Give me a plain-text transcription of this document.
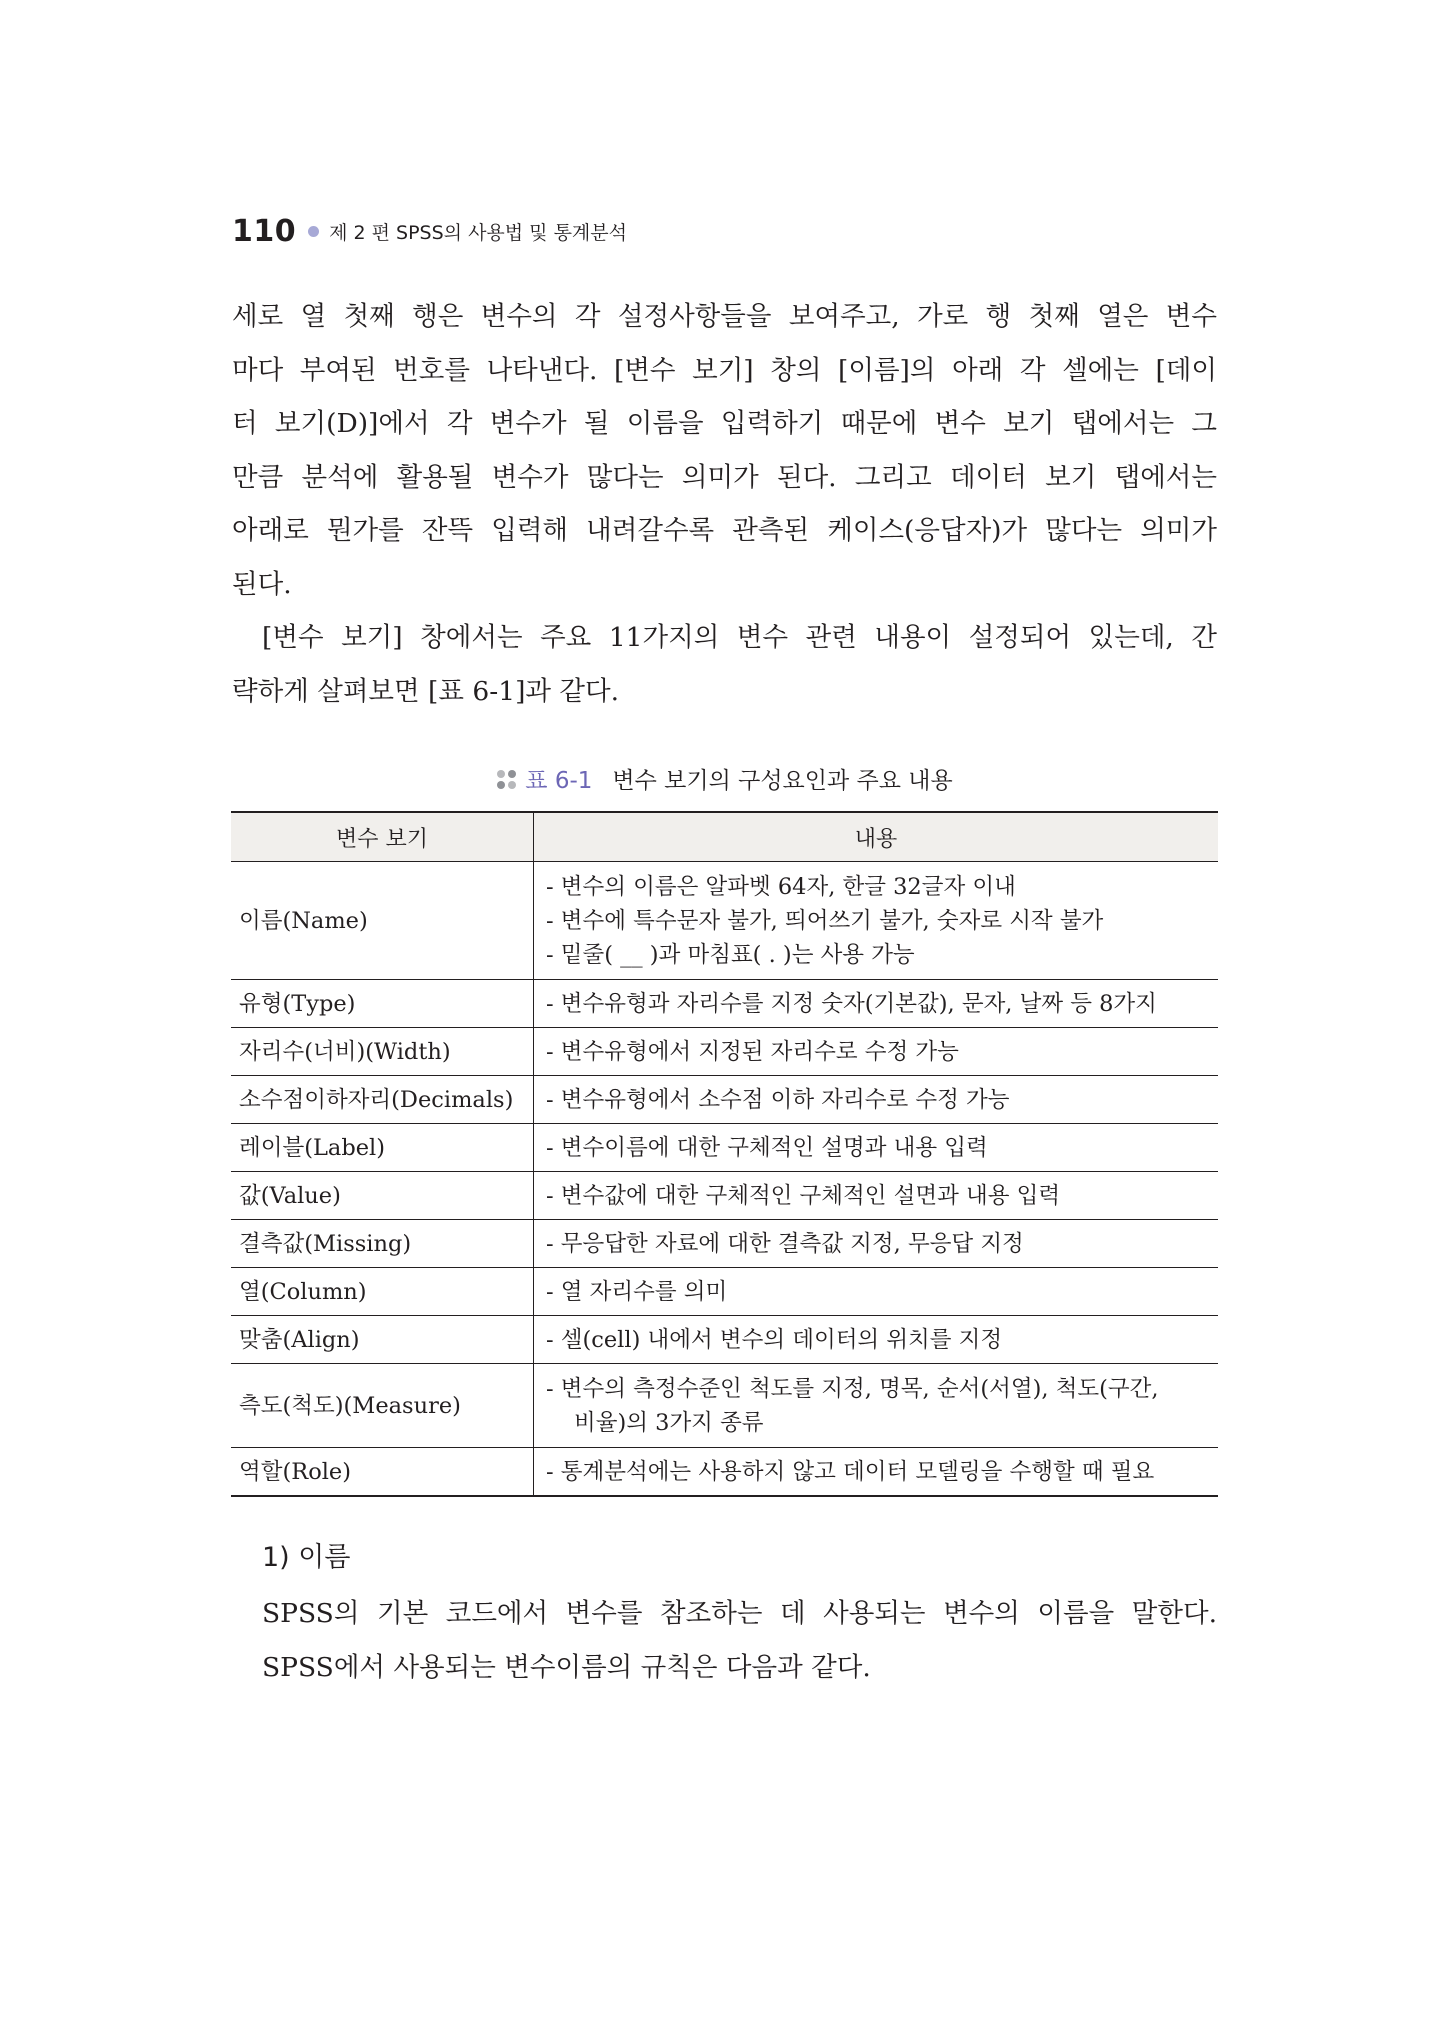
110 제 2 편 SPSS의 사용법 및 통계분석
세로 열 첫째 행은 변수의 각 설정사항들을 보여주고, 가로 행 첫째 열은 변수
마다 부여된 번호를 나타낸다. [변수 보기] 창의 [이름]의 아래 각 셀에는 [데이
터 보기(D)]에서 각 변수가 될 이름을 입력하기 때문에 변수 보기 탭에서는 그
만큼 분석에 활용될 변수가 많다는 의미가 된다. 그리고 데이터 보기 탭에서는
아래로 뭔가를 잔뜩 입력해 내려갈수록 관측된 케이스(응답자)가 많다는 의미가
된다.
[변수 보기] 창에서는 주요 11가지의 변수 관련 내용이 설정되어 있는데, 간
략하게 살펴보면 [표 6-1]과 같다.
표 6-1 변수 보기의 구성요인과 주요 내용
변수 보기	내용
이름(Name)	- 변수의 이름은 알파벳 64자, 한글 32글자 이내
- 변수에 특수문자 불가, 띄어쓰기 불가, 숫자로 시작 불가
- 밑줄( __ )과 마침표( . )는 사용 가능

유형(Type)	- 변수유형과 자리수를 지정 숫자(기본값), 문자, 날짜 등 8가지

자리수(너비)(Width)	- 변수유형에서 지정된 자리수로 수정 가능

소수점이하자리(Decimals)	- 변수유형에서 소수점 이하 자리수로 수정 가능

레이블(Label)	- 변수이름에 대한 구체적인 설명과 내용 입력

값(Value)	- 변수값에 대한 구체적인 구체적인 설면과 내용 입력

결측값(Missing)	- 무응답한 자료에 대한 결측값 지정, 무응답 지정

열(Column)	- 열 자리수를 의미

맞춤(Align)	- 셀(cell) 내에서 변수의 데이터의 위치를 지정

측도(척도)(Measure)	- 변수의 측정수준인 척도를 지정, 명목, 순서(서열), 척도(구간,
비율)의 3가지 종류

역할(Role)	- 통계분석에는 사용하지 않고 데이터 모델링을 수행할 때 필요
1) 이름
SPSS의 기본 코드에서 변수를 참조하는 데 사용되는 변수의 이름을 말한다.
SPSS에서 사용되는 변수이름의 규칙은 다음과 같다.
